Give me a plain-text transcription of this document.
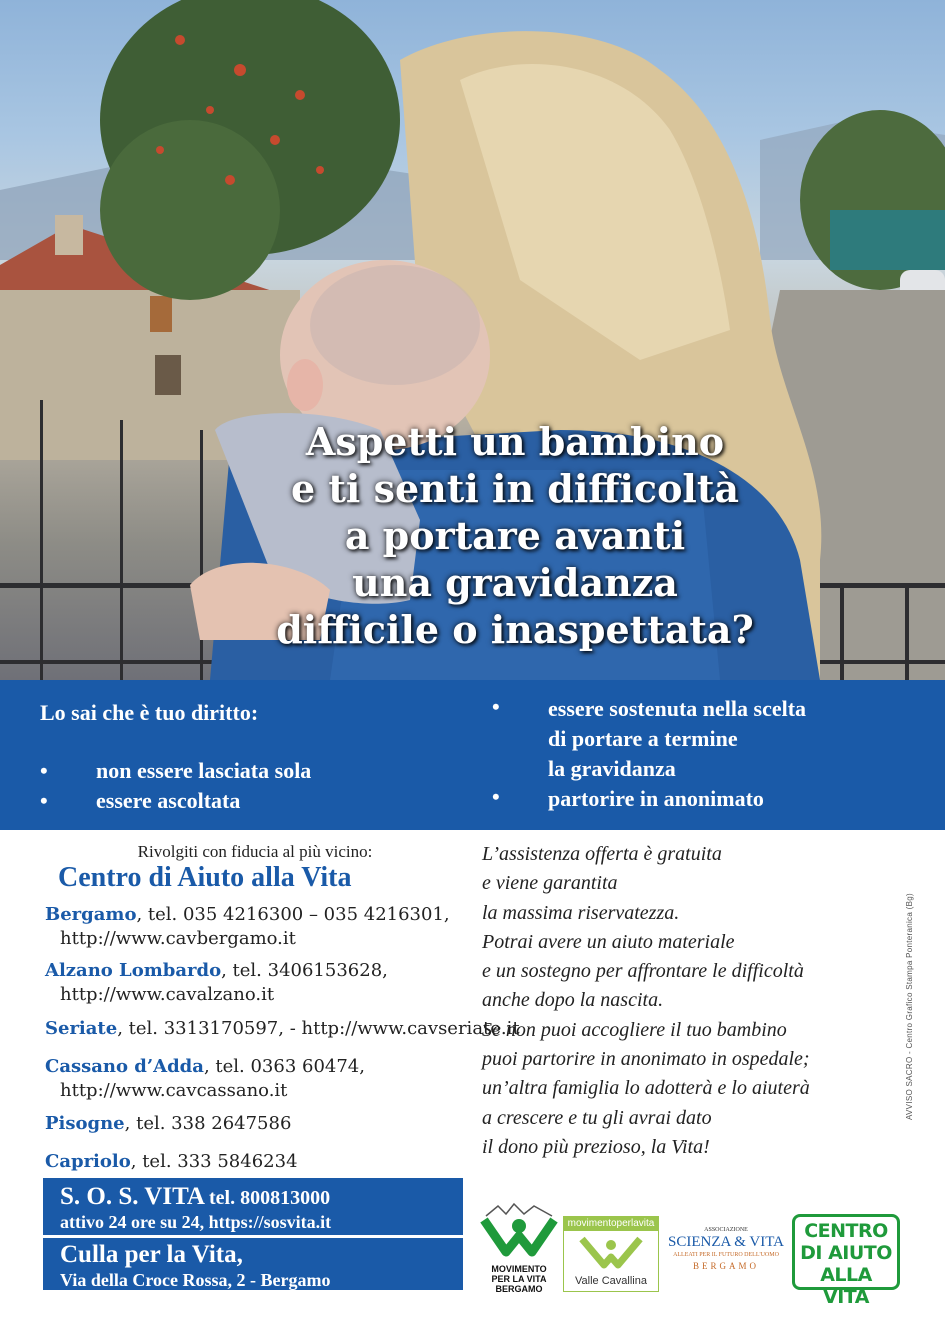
Aspetti un bambino
e ti senti in difficoltà
a portare avanti
una gravidanza
difficile o inaspettata?
Lo sai che è tuo diritto:
• non essere lasciata sola
• essere ascoltata
• essere sostenuta nella scelta
di portare a termine
la gravidanza
• partorire in anonimato
Rivolgiti con fiducia al più vicino:
Centro di Aiuto alla Vita
Bergamo, tel. 035 4216300 – 035 4216301,
http://www.cavbergamo.it
Alzano Lombardo, tel. 3406153628,
http://www.cavalzano.it
Seriate, tel. 3313170597, - http://www.cavseriate.it
Cassano d’Adda, tel. 0363 60474,
http://www.cavcassano.it
Pisogne, tel. 338 2647586
Capriolo, tel. 333 5846234
S. O. S. VITA tel. 800813000
attivo 24 ore su 24, https://sosvita.it
Culla per la Vita,
Via della Croce Rossa, 2 - Bergamo
L’assistenza offerta è gratuita
e viene garantita
la massima riservatezza.
Potrai avere un aiuto materiale
e un sostegno per affrontare le difficoltà
anche dopo la nascita.
Se non puoi accogliere il tuo bambino
puoi partorire in anonimato in ospedale;
un’altra famiglia lo adotterà e lo aiuterà
a crescere e tu gli avrai dato
il dono più prezioso, la Vita!
AVVISO SACRO - Centro Grafico Stampa Ponteranica (Bg)
MOVIMENTO
PER LA VITA
BERGAMO
movimentoperlavita
Valle Cavallina
ASSOCIAZIONE
SCIENZA & VITA
ALLEATI PER IL FUTURO DELL'UOMO
BERGAMO
CENTRO
DI AIUTO
ALLA VITA
